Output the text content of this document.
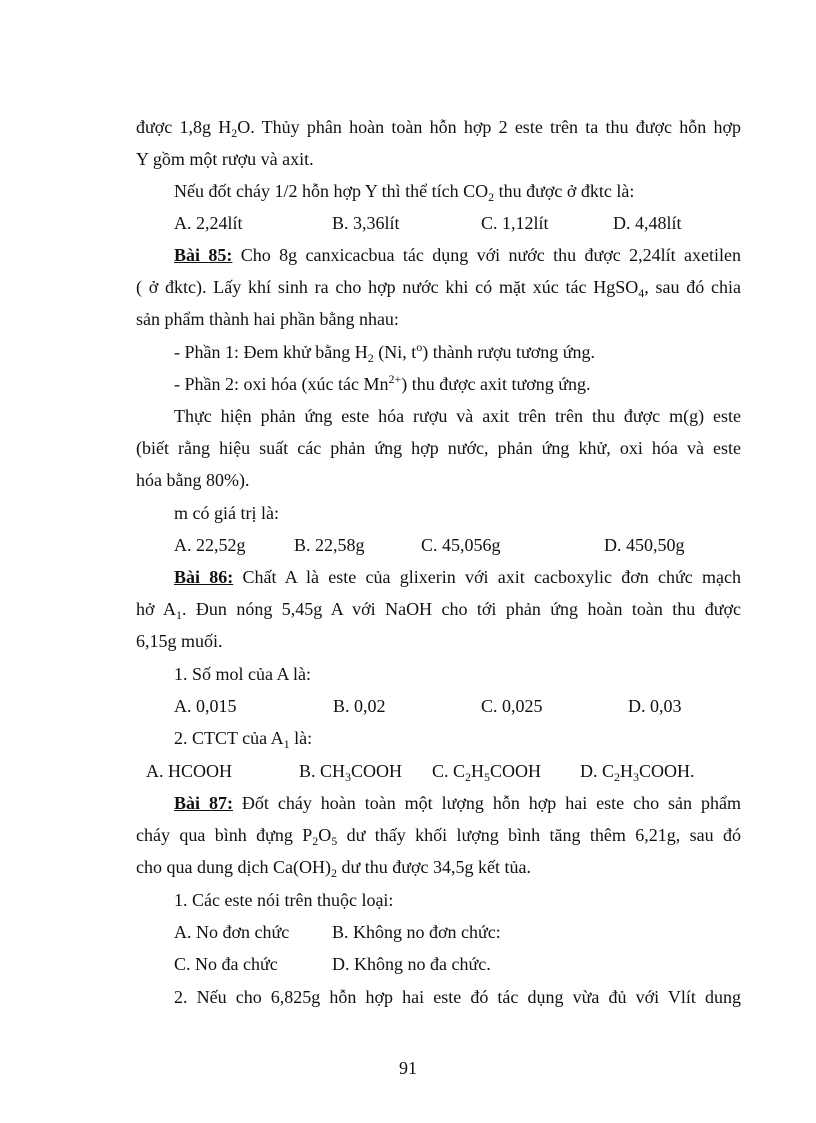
được 1,8g $H_2O$. Thủy phân hoàn toàn hỗn hợp 2 este trên ta thu được hỗn hợp
Y gồm một rượu và axit.
Nếu đốt cháy 1/2 hỗn hợp Y thì thể tích $CO_2$ thu được ở đktc là:
A. 2,24lít	B. 3,36lít	C. 1,12lít	D. 4,48lít
Bài 85: Cho 8g canxicacbua tác dụng với nước thu được 2,24lít axetilen
( ở đktc). Lấy khí sinh ra cho hợp nước khi có mặt xúc tác HgSO$_4$, sau đó chia
sản phẩm thành hai phần bằng nhau:
- Phần 1: Đem khử bằng $H_2$ (Ni, $t^o$) thành rượu tương ứng.
- Phần 2: oxi hóa (xúc tác $Mn^{2+}$) thu được axit tương ứng.
Thực hiện phản ứng este hóa rượu và axit trên trên thu được m(g) este
(biết rằng hiệu suất các phản ứng hợp nước, phản ứng khử, oxi hóa và este
hóa bằng 80%).
m có giá trị là:
A. 22,52g	B. 22,58g	C. 45,056g	D. 450,50g
Bài 86: Chất A là este của glixerin với axit cacboxylic đơn chức mạch
hở $A_1$. Đun nóng 5,45g A với NaOH cho tới phản ứng hoàn toàn thu được
6,15g muối.
1. Số mol của A là:
A. 0,015	B. 0,02	C. 0,025	D. 0,03
2. CTCT của $A_1$ là:
A. HCOOH	B. $CH_3COOH$ C. $C_2H_5COOH$ D. $C_2H_3COOH$.
Bài 87: Đốt cháy hoàn toàn một lượng hỗn hợp hai este cho sản phẩm
cháy qua bình đựng $P_2O_5$ dư thấy khối lượng bình tăng thêm 6,21g, sau đó
cho qua dung dịch $Ca(OH)_2$ dư thu được 34,5g kết tủa.
1. Các este nói trên thuộc loại:
A. No đơn chức B. Không no đơn chức:
C. No đa chức	D. Không no đa chức.
2. Nếu cho 6,825g hỗn hợp hai este đó tác dụng vừa đủ với Vlít dung
91
